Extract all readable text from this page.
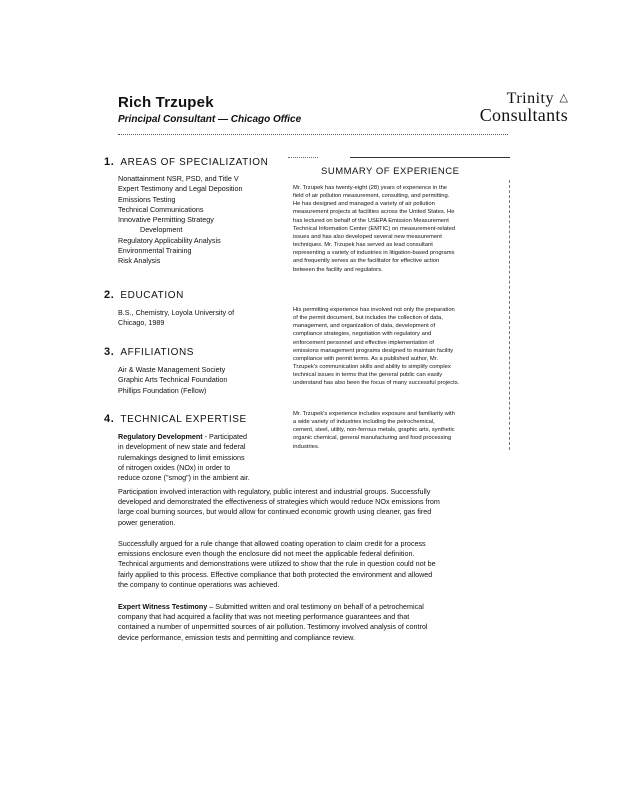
Rich Trzupek
Principal Consultant — Chicago Office
Trinity △
Consultants
1. AREAS OF SPECIALIZATION
Nonattainment NSR, PSD, and Title V
Expert Testimony and Legal Deposition
Emissions Testing
Technical Communications
Innovative Permitting Strategy
Development
Regulatory Applicability Analysis
Environmental Training
Risk Analysis
2. EDUCATION
B.S., Chemistry, Loyola University of
Chicago, 1989
3. AFFILIATIONS
Air & Waste Management Society
Graphic Arts Technical Foundation
Phillips Foundation (Fellow)
4. TECHNICAL EXPERTISE
Regulatory Development - Participated
in development of new state and federal
rulemakings designed to limit emissions
of nitrogen oxides (NOx) in order to
reduce ozone ("smog") in the ambient air.
SUMMARY OF EXPERIENCE
Mr. Trzupek has twenty-eight (28) years of experience in the
field of air pollution measurement, consulting, and permitting.
He has designed and managed a variety of air pollution
measurement projects at facilities across the United States. He
has lectured on behalf of the USEPA Emission Measurement
Technical Information Center (EMTIC) on measurement-related
issues and has also developed several new measurement
techniques. Mr. Trzupek has served as lead consultant
representing a variety of industries in litigation-based programs
and frequently serves as the facilitator for effective action
between the facility and regulators.
His permitting experience has involved not only the preparation
of the permit document, but includes the collection of data,
management, and organization of data, development of
compliance strategies, negotiation with regulatory and
enforcement personnel and effective implementation of
emissions management programs designed to maintain facility
compliance with permit terms. As a published author, Mr.
Trzupek's communication skills and ability to simplify complex
technical issues in terms that the general public can easily
understand has also been the focus of many successful projects.
Mr. Trzupek's experience includes exposure and familiarity with
a wide variety of industries including the petrochemical,
cement, steel, utility, non-ferrous metals, graphic arts, synthetic
organic chemical, general manufacturing and food processing
industries.
Participation involved interaction with regulatory, public interest and industrial groups. Successfully
developed and demonstrated the effectiveness of strategies which would reduce NOx emissions from
large coal burning sources, but would allow for continued economic growth using cleaner, gas fired
power generation.
Successfully argued for a rule change that allowed coating operation to claim credit for a process
emissions enclosure even though the enclosure did not meet the applicable federal definition.
Technical arguments and demonstrations were utilized to show that the rule in question could not be
fairly applied to this process. Effective compliance that both protected the environment and allowed
the company to continue operations was achieved.
Expert Witness Testimony – Submitted written and oral testimony on behalf of a petrochemical
company that had acquired a facility that was not meeting performance guarantees and that
contained a number of unpermitted sources of air pollution. Testimony involved analysis of control
device performance, emission tests and permitting and compliance review.
